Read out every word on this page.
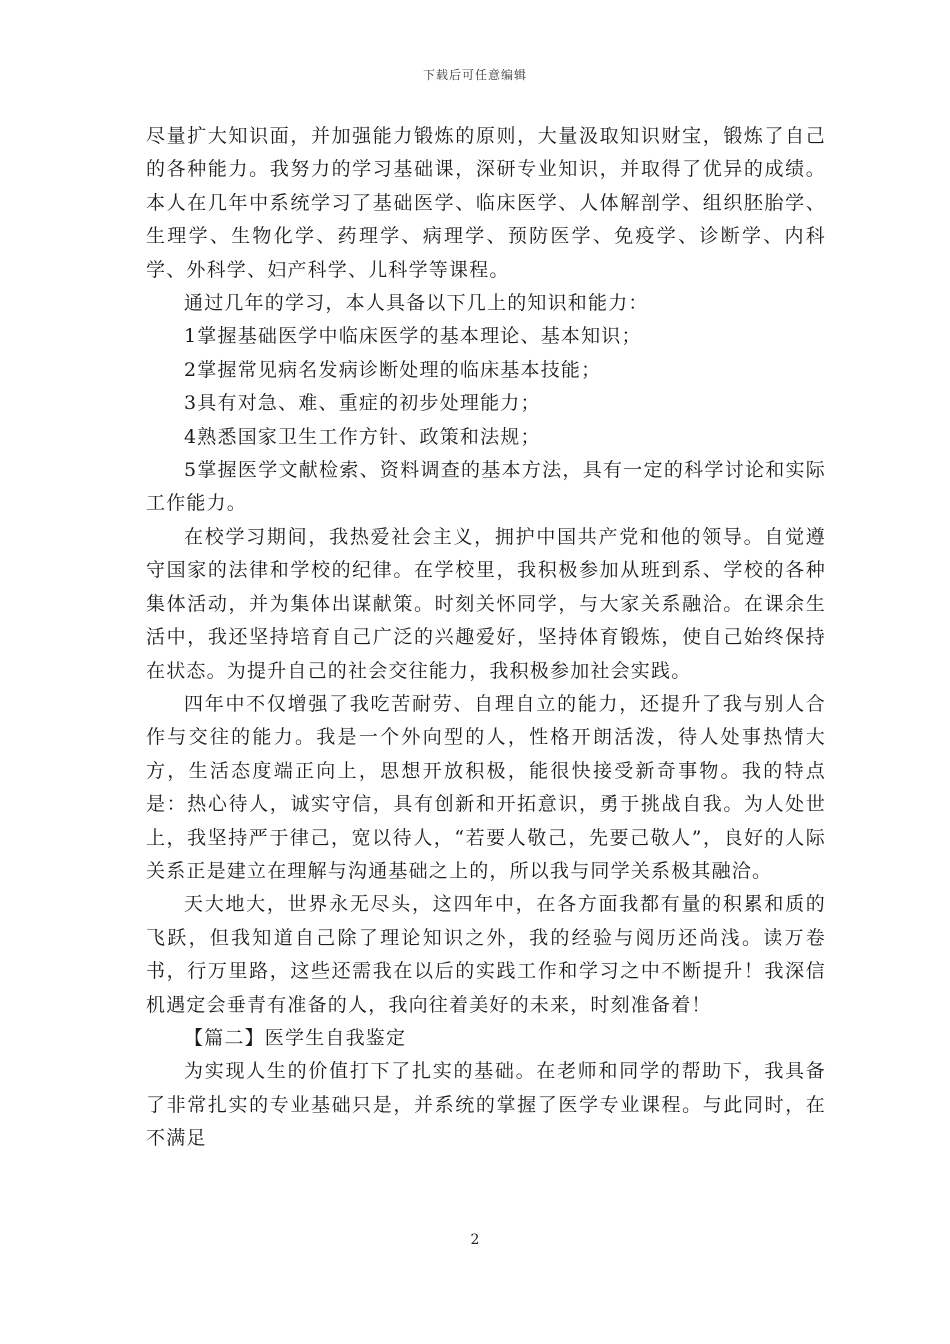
下载后可任意编辑

尽量扩大知识面，并加强能力锻炼的原则，大量汲取知识财宝，锻炼了自己的各种能力。我努力的学习基础课，深研专业知识，并取得了优异的成绩。本人在几年中系统学习了基础医学、临床医学、人体解剖学、组织胚胎学、生理学、生物化学、药理学、病理学、预防医学、免疫学、诊断学、内科学、外科学、妇产科学、儿科学等课程。

通过几年的学习，本人具备以下几上的知识和能力：

1掌握基础医学中临床医学的基本理论、基本知识；

2掌握常见病名发病诊断处理的临床基本技能；

3具有对急、难、重症的初步处理能力；

4熟悉国家卫生工作方针、政策和法规；

5掌握医学文献检索、资料调查的基本方法，具有一定的科学讨论和实际工作能力。

在校学习期间，我热爱社会主义，拥护中国共产党和他的领导。自觉遵守国家的法律和学校的纪律。在学校里，我积极参加从班到系、学校的各种集体活动，并为集体出谋献策。时刻关怀同学，与大家关系融洽。在课余生活中，我还坚持培育自己广泛的兴趣爱好，坚持体育锻炼，使自己始终保持在状态。为提升自己的社会交往能力，我积极参加社会实践。

四年中不仅增强了我吃苦耐劳、自理自立的能力，还提升了我与别人合作与交往的能力。我是一个外向型的人，性格开朗活泼，待人处事热情大方，生活态度端正向上，思想开放积极，能很快接受新奇事物。我的特点是：热心待人，诚实守信，具有创新和开拓意识，勇于挑战自我。为人处世上，我坚持严于律己，宽以待人，“若要人敬己，先要己敬人”，良好的人际关系正是建立在理解与沟通基础之上的，所以我与同学关系极其融洽。

天大地大，世界永无尽头，这四年中，在各方面我都有量的积累和质的飞跃，但我知道自己除了理论知识之外，我的经验与阅历还尚浅。读万卷书，行万里路，这些还需我在以后的实践工作和学习之中不断提升！我深信机遇定会垂青有准备的人，我向往着美好的未来，时刻准备着！

【篇二】医学生自我鉴定

为实现人生的价值打下了扎实的基础。在老师和同学的帮助下，我具备了非常扎实的专业基础只是，并系统的掌握了医学专业课程。与此同时，在不满足

2
